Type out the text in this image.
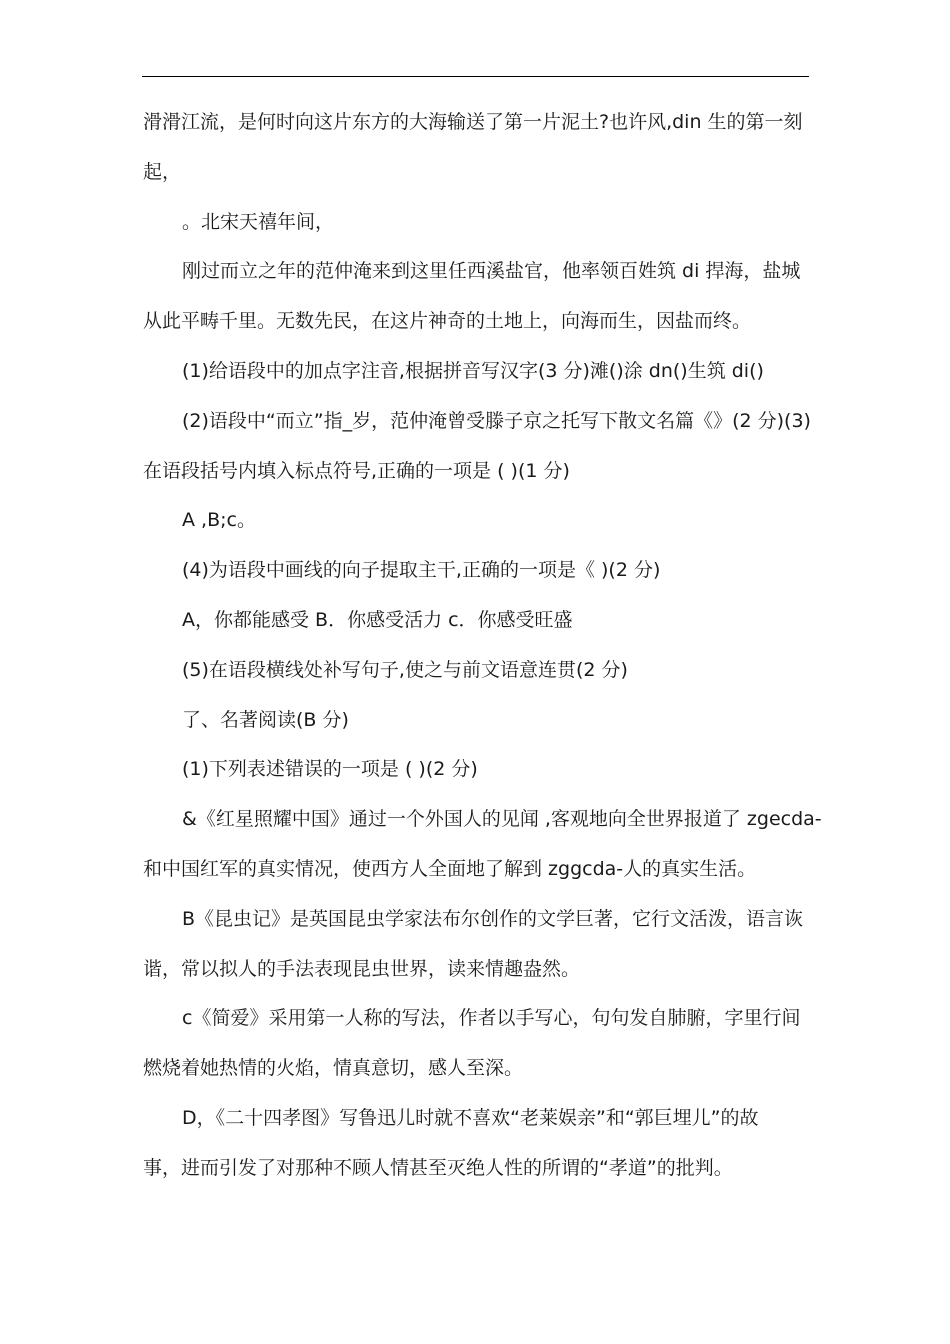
滑滑江流，是何时向这片东方的大海输送了第一片泥土?也许风,din 生的第一刻
起，
。北宋天禧年间，
刚过而立之年的范仲淹来到这里任西溪盐官，他率领百姓筑 di 捍海，盐城
从此平畴千里。无数先民，在这片神奇的土地上，向海而生，因盐而终。
(1)给语段中的加点字注音,根据拼音写汉字(3 分)滩()涂 dn()生筑 di()
(2)语段中“而立”指_岁，范仲淹曾受滕子京之托写下散文名篇《》(2 分)(3)
在语段括号内填入标点符号,正确的一项是 ( )(1 分)
A ,B;c。
(4)为语段中画线的向子提取主干,正确的一项是《 )(2 分)
A，你都能感受 B．你感受活力 c．你感受旺盛
(5)在语段横线处补写句子,使之与前文语意连贯(2 分)
了、名著阅读(B 分)
(1)下列表述错误的一项是 ( )(2 分)
&《红星照耀中国》通过一个外国人的见闻 ,客观地向全世界报道了 zgecda-
和中国红军的真实情况，使西方人全面地了解到 zggcda-人的真实生活。
B《昆虫记》是英国昆虫学家法布尔创作的文学巨著，它行文活泼，语言诙
谐，常以拟人的手法表现昆虫世界，读来情趣盎然。
c《简爱》采用第一人称的写法，作者以手写心，句句发自肺腑，字里行间
燃烧着她热情的火焰，情真意切，感人至深。
D，《二十四孝图》写鲁迅儿时就不喜欢“老莱娱亲”和“郭巨埋儿”的故
事，进而引发了对那种不顾人情甚至灭绝人性的所谓的“孝道”的批判。
